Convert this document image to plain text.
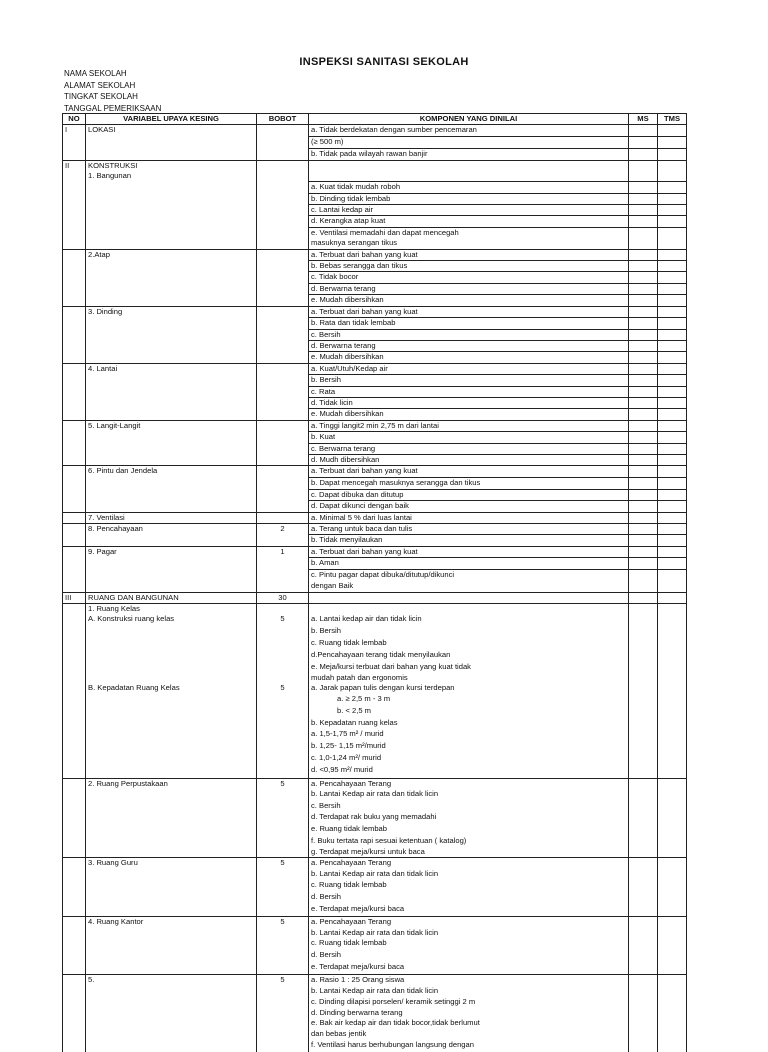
INSPEKSI SANITASI SEKOLAH
NAMA SEKOLAH
ALAMAT SEKOLAH
TINGKAT SEKOLAH
TANGGAL PEMERIKSAAN
NO	VARIABEL UPAYA KESING	BOBOT	KOMPONEN YANG DINILAI	MS	TMS
I	LOKASI		a. Tidak berdekatan dengan sumber pencemaran		
			(≥ 500 m)		
			b. Tidak pada wilayah rawan banjir		
II	KONSTRUKSI				
	1. Bangunan				
			a. Kuat tidak mudah roboh		
			b. Dinding tidak lembab		
			c. Lantai kedap air		
			d. Kerangka atap kuat		
			e. Ventilasi memadahi dan dapat mencegah		
			masuknya serangan tikus		
	2.Atap		a. Terbuat dari bahan yang kuat		
			b. Bebas serangga dan tikus		
			c. Tidak bocor		
			d. Berwarna terang		
			e. Mudah dibersihkan		
	3. Dinding		a. Terbuat dari bahan yang kuat		
			b. Rata dan tidak lembab		
			c. Bersih		
			d. Berwarna terang		
			e. Mudah dibersihkan		
	4. Lantai		a. Kuat/Utuh/Kedap air		
			b. Bersih		
			c. Rata		
			d. Tidak licin		
			e. Mudah dibersihkan		
	5. Langit-Langit		a. Tinggi langit2 min 2,75 m dari lantai		
			b. Kuat		
			c. Berwarna terang		
			d. Mudh dibersihkan		
	6. Pintu dan Jendela		a. Terbuat dari bahan yang kuat		
			b. Dapat mencegah masuknya serangga dan tikus		
			c. Dapat dibuka dan ditutup		
			d. Dapat dikunci dengan baik		
	7. Ventilasi		a. Minimal 5 % dari luas lantai		
	8. Pencahayaan	2	a. Terang untuk baca dan tulis		
			b. Tidak menyilaukan		
	9. Pagar	1	a. Terbuat dari bahan yang kuat		
			b. Aman		
			c. Pintu pagar dapat dibuka/ditutup/dikunci		
			dengan Baik		
III	RUANG DAN BANGUNAN	30			
	1. Ruang Kelas				
	A. Konstruksi ruang kelas	5	a. Lantai kedap air dan tidak licin		
			b. Bersih		
			c. Ruang tidak lembab		
			d.Pencahayaan terang tidak menyilaukan		
			e. Meja/kursi terbuat dari bahan yang kuat tidak		
			mudah patah dan ergonomis		
	B. Kepadatan Ruang Kelas	5	a. Jarak papan tulis dengan kursi terdepan		
			a. ≥ 2,5 m - 3 m		
			b. < 2,5 m		
			b. Kepadatan ruang kelas		
			a. 1,5-1,75 m² / murid		
			b. 1,25- 1,15 m²/murid		
			c. 1,0-1,24 m²/ murid		
			d. <0,95 m²/ murid		
	2. Ruang Perpustakaan	5	a. Pencahayaan Terang		
			b. Lantai Kedap air rata dan tidak licin		
			c. Bersih		
			d. Terdapat rak buku yang memadahi		
			e. Ruang tidak lembab		
			f. Buku tertata rapi sesuai ketentuan ( katalog)		
			g. Terdapat meja/kursi untuk baca		
	3. Ruang Guru	5	a. Pencahayaan Terang		
			b. Lantai Kedap air rata dan tidak licin		
			c. Ruang tidak lembab		
			d. Bersih		
			e. Terdapat meja/kursi baca		
	4. Ruang Kantor	5	a. Pencahayaan Terang		
			b. Lantai Kedap air rata dan tidak licin		
			c. Ruang tidak lembab		
			d. Bersih		
			e. Terdapat meja/kursi baca		
	5.	5	a. Rasio 1 : 25 Orang siswa		
			b. Lantai Kedap air rata dan tidak licin		
			c. Dinding dilapisi porselen/ keramik setinggi 2 m		
			d. Dinding berwarna terang		
			e. Bak air kedap air dan tidak bocor,tidak berlumut		
			dan bebas jentik		
			f. Ventilasi harus berhubungan langsung dengan		
